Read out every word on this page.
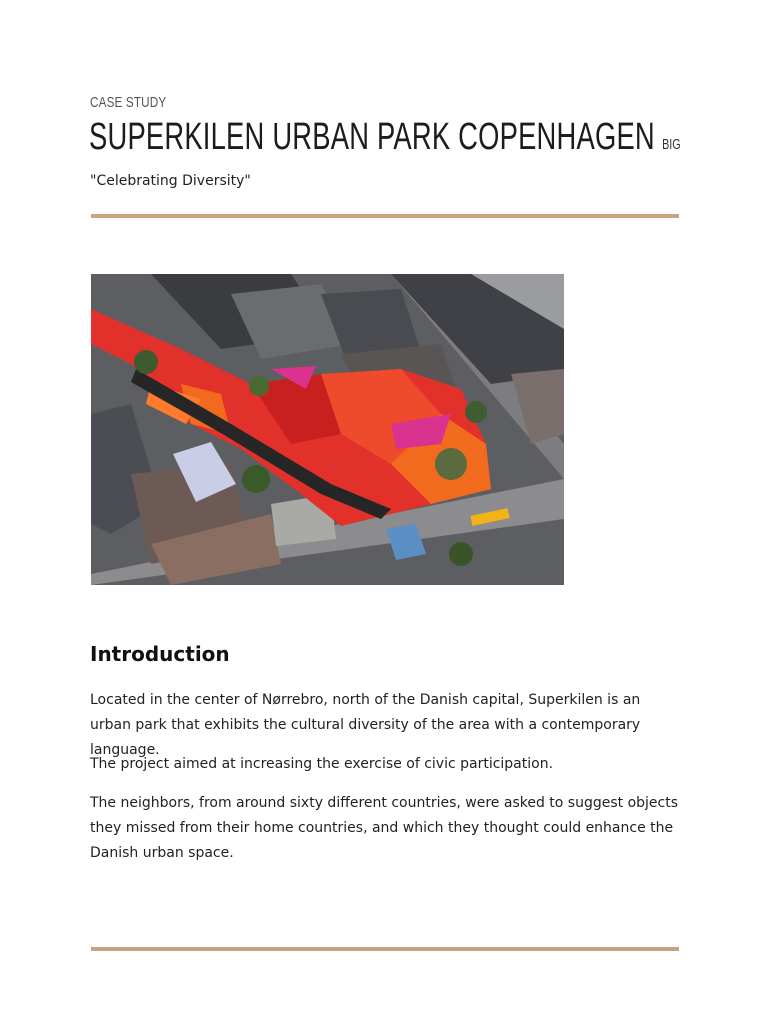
CASE STUDY
SUPERKILEN URBAN PARK COPENHAGEN BIG
"Celebrating Diversity"
Introduction

Located in the center of Nørrebro, north of the Danish capital, Superkilen is an urban park that exhibits the cultural diversity of the area with a contemporary language.

The project aimed at increasing the exercise of civic participation.

The neighbors, from around sixty different countries, were asked to suggest objects they missed from their home countries, and which they thought could enhance the Danish urban space.
